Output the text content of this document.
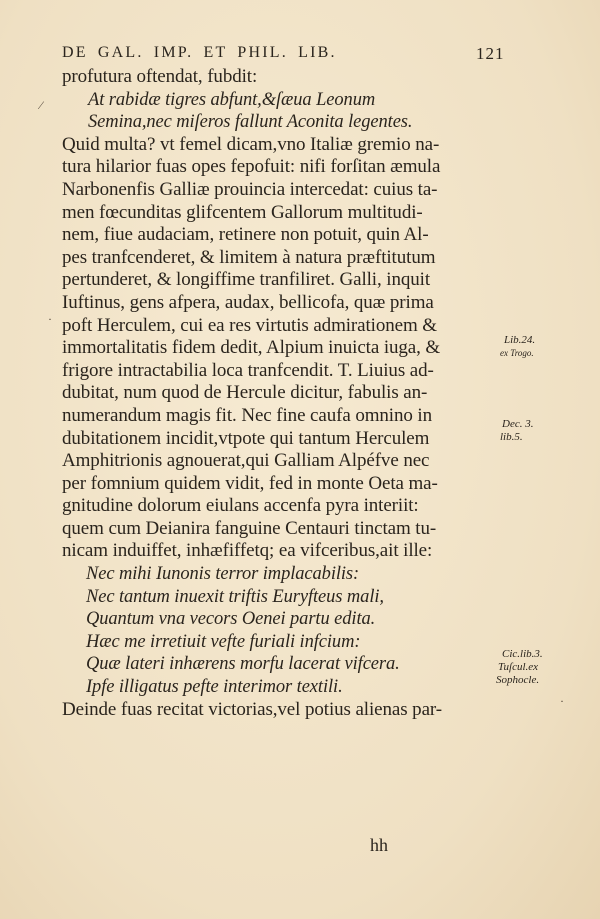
DE GAL. IMP. ET PHIL. LIB.	121
profutura oftendat, fubdit:
At rabidæ tigres abfunt,&ſæua Leonum
Semina,nec miſeros fallunt Aconita legentes.
Quid multa? vt femel dicam,vno Italiæ gremio na-
tura hilarior fuas opes fepofuit: nifi forſitan æmula
Narbonenfis Galliæ prouincia intercedat: cuius ta-
men fœcunditas glifcentem Gallorum multitudi-
nem, fiue audaciam, retinere non potuit, quin Al-
pes tranfcenderet, & limitem à natura præftitutum
pertunderet, & longiffime tranfiliret. Galli, inquit
Iuftinus, gens afpera, audax, bellicofa, quæ prima
poft Herculem, cui ea res virtutis admirationem &
immortalitatis fidem dedit, Alpium inuicta iuga, &
frigore intractabilia loca tranfcendit. T. Liuius ad-
dubitat, num quod de Hercule dicitur, fabulis an-
numerandum magis fit. Nec fine caufa omnino in
dubitationem incidit,vtpote qui tantum Herculem
Amphitrionis agnouerat,qui Galliam Alpéfve nec
per fomnium quidem vidit, fed in monte Oeta ma-
gnitudine dolorum eiulans accenfa pyra interiit:
quem cum Deianira fanguine Centauri tinctam tu-
nicam induiffet, inhæfiffetq; ea vifceribus,ait ille:
Nec mihi Iunonis terror implacabilis:
Nec tantum inuexit triftis Euryfteus mali,
Quantum vna vecors Oenei partu edita.
Hæc me irretiuit vefte furiali infcium:
Quæ lateri inhærens morfu lacerat vifcera.
Ipfe illigatus pefte interimor textili.
Deinde fuas recitat victorias,vel potius alienas par-
hh
Lib.24.
ex Trogo.
Dec. 3.
lib.5.
Cic.lib.3.
Tuſcul.ex
Sophocle.
⁄
·
·
